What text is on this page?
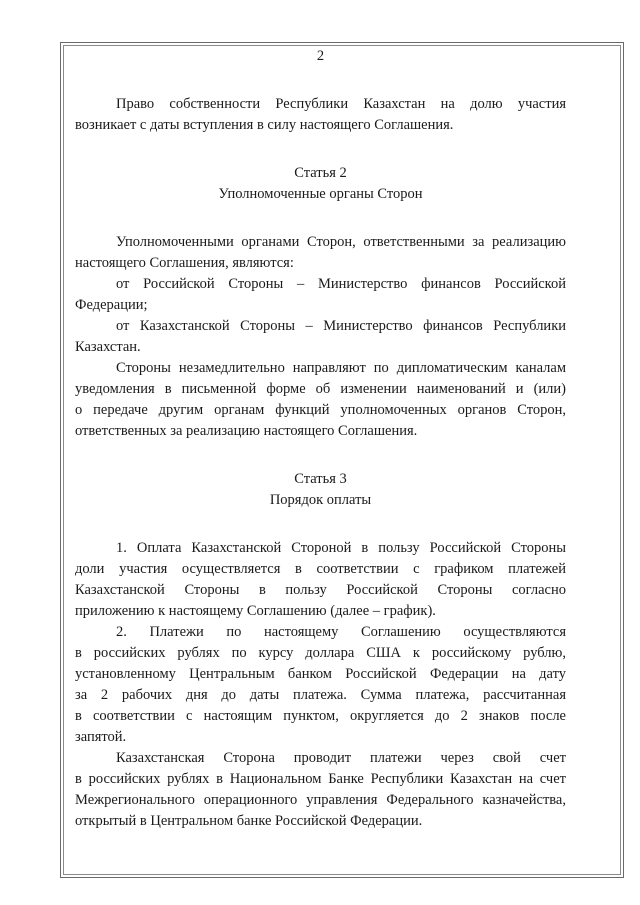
2

Право собственности Республики Казахстан на долю участия

возникает с даты вступления в силу настоящего Соглашения.

Статья 2

Уполномоченные органы Сторон

Уполномоченными органами Сторон, ответственными за реализацию

настоящего Соглашения, являются:

от Российской Стороны – Министерство финансов Российской

Федерации;

от Казахстанской Стороны – Министерство финансов Республики

Казахстан.

Стороны незамедлительно направляют по дипломатическим каналам

уведомления в письменной форме об изменении наименований и (или)

о передаче другим органам функций уполномоченных органов Сторон,

ответственных за реализацию настоящего Соглашения.

Статья 3

Порядок оплаты

1. Оплата Казахстанской Стороной в пользу Российской Стороны

доли участия осуществляется в соответствии с графиком платежей

Казахстанской Стороны в пользу Российской Стороны согласно

приложению к настоящему Соглашению (далее – график).

2. Платежи по настоящему Соглашению осуществляются

в российских рублях по курсу доллара США к российскому рублю,

установленному Центральным банком Российской Федерации на дату

за 2 рабочих дня до даты платежа. Сумма платежа, рассчитанная

в соответствии с настоящим пунктом, округляется до 2 знаков после

запятой.

Казахстанская Сторона проводит платежи через свой счет

в российских рублях в Национальном Банке Республики Казахстан на счет

Межрегионального операционного управления Федерального казначейства,

открытый в Центральном банке Российской Федерации.
